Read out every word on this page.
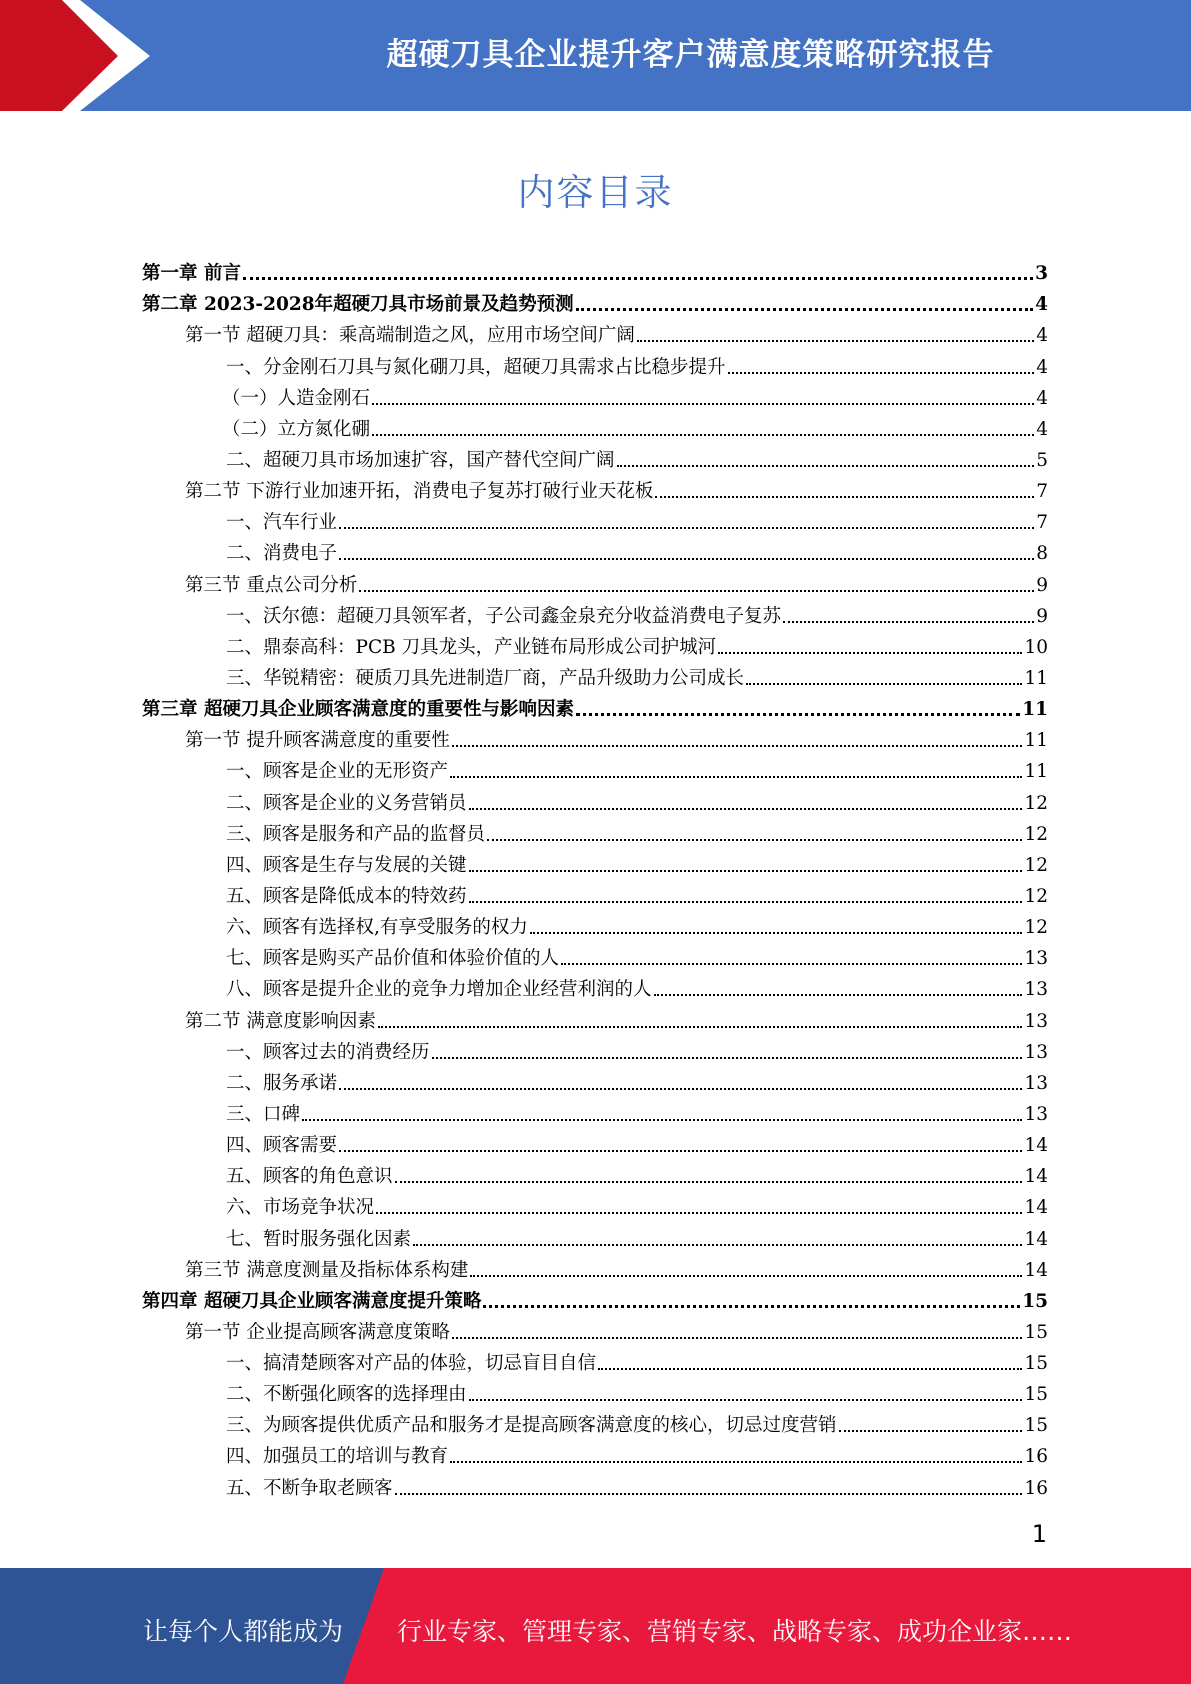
超硬刀具企业提升客户满意度策略研究报告
内容目录
第一章 前言	3
第二章 2023-2028年超硬刀具市场前景及趋势预测	4
第一节 超硬刀具：乘高端制造之风，应用市场空间广阔	4
一、分金刚石刀具与氮化硼刀具，超硬刀具需求占比稳步提升	4
（一）人造金刚石	4
（二）立方氮化硼	4
二、超硬刀具市场加速扩容，国产替代空间广阔	5
第二节 下游行业加速开拓，消费电子复苏打破行业天花板	7
一、汽车行业	7
二、消费电子	8
第三节 重点公司分析	9
一、沃尔德：超硬刀具领军者，子公司鑫金泉充分收益消费电子复苏	9
二、鼎泰高科：PCB 刀具龙头，产业链布局形成公司护城河	10
三、华锐精密：硬质刀具先进制造厂商，产品升级助力公司成长	11
第三章 超硬刀具企业顾客满意度的重要性与影响因素	11
第一节 提升顾客满意度的重要性	11
一、顾客是企业的无形资产	11
二、顾客是企业的义务营销员	12
三、顾客是服务和产品的监督员	12
四、顾客是生存与发展的关键	12
五、顾客是降低成本的特效药	12
六、顾客有选择权,有享受服务的权力	12
七、顾客是购买产品价值和体验价值的人	13
八、顾客是提升企业的竞争力增加企业经营利润的人	13
第二节 满意度影响因素	13
一、顾客过去的消费经历	13
二、服务承诺	13
三、口碑	13
四、顾客需要	14
五、顾客的角色意识	14
六、市场竞争状况	14
七、暂时服务强化因素	14
第三节 满意度测量及指标体系构建	14
第四章 超硬刀具企业顾客满意度提升策略	15
第一节 企业提高顾客满意度策略	15
一、搞清楚顾客对产品的体验，切忌盲目自信	15
二、不断强化顾客的选择理由	15
三、为顾客提供优质产品和服务才是提高顾客满意度的核心，切忌过度营销	15
四、加强员工的培训与教育	16
五、不断争取老顾客	16
1
让每个人都能成为 行业专家、管理专家、营销专家、战略专家、成功企业家……
